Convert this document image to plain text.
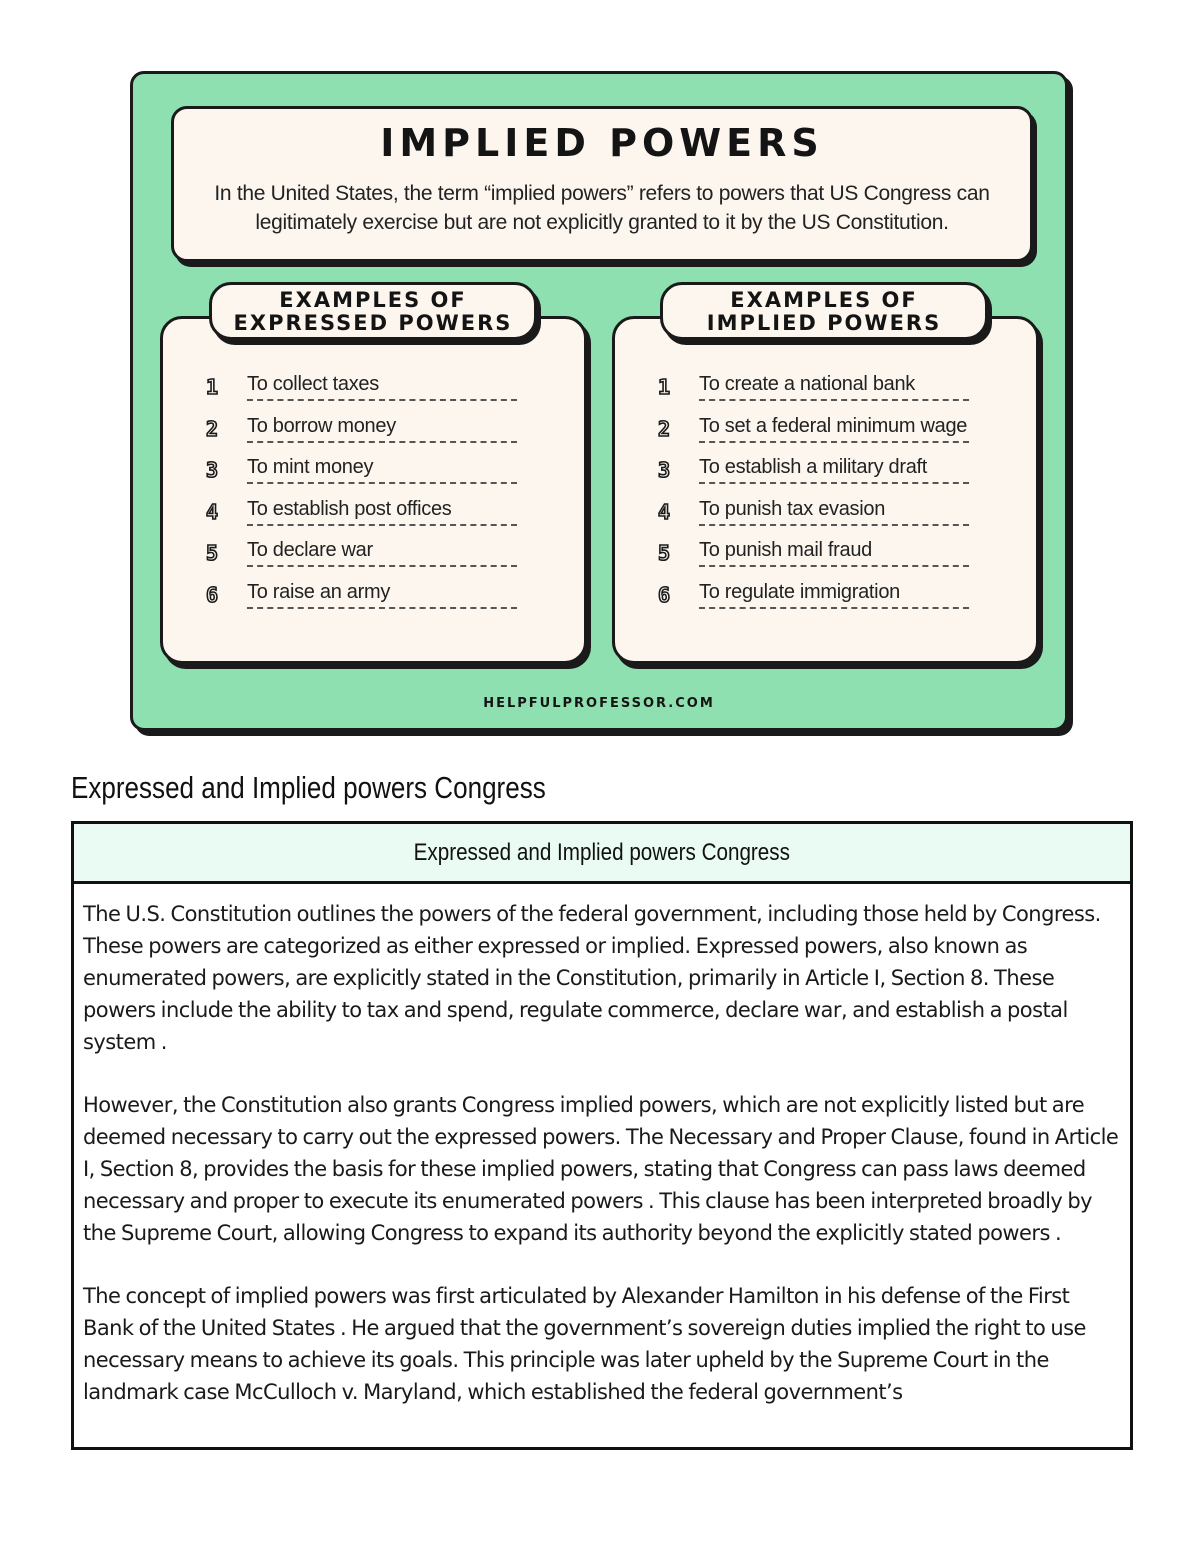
IMPLIED POWERS
In the United States, the term “implied powers” refers to powers that US Congress can legitimately exercise but are not explicitly granted to it by the US Constitution.
EXAMPLES OF
EXPRESSED POWERS
1	To collect taxes
2	To borrow money
3	To mint money
4	To establish post offices
5	To declare war
6	To raise an army
EXAMPLES OF
IMPLIED POWERS
1	To create a national bank
2	To set a federal minimum wage
3	To establish a military draft
4	To punish tax evasion
5	To punish mail fraud
6	To regulate immigration
HELPFULPROFESSOR.COM
Expressed and Implied powers Congress
Expressed and Implied powers Congress

The U.S. Constitution outlines the powers of the federal government, including those held by Congress. These powers are categorized as either expressed or implied. Expressed powers, also known as enumerated powers, are explicitly stated in the Constitution, primarily in Article I, Section 8. These powers include the ability to tax and spend, regulate commerce, declare war, and establish a postal system .

However, the Constitution also grants Congress implied powers, which are not explicitly listed but are deemed necessary to carry out the expressed powers. The Necessary and Proper Clause, found in Article I, Section 8, provides the basis for these implied powers, stating that Congress can pass laws deemed necessary and proper to execute its enumerated powers . This clause has been interpreted broadly by the Supreme Court, allowing Congress to expand its authority beyond the explicitly stated powers .

The concept of implied powers was first articulated by Alexander Hamilton in his defense of the First Bank of the United States . He argued that the government’s sovereign duties implied the right to use necessary means to achieve its goals. This principle was later upheld by the Supreme Court in the landmark case McCulloch v. Maryland, which established the federal government’s
